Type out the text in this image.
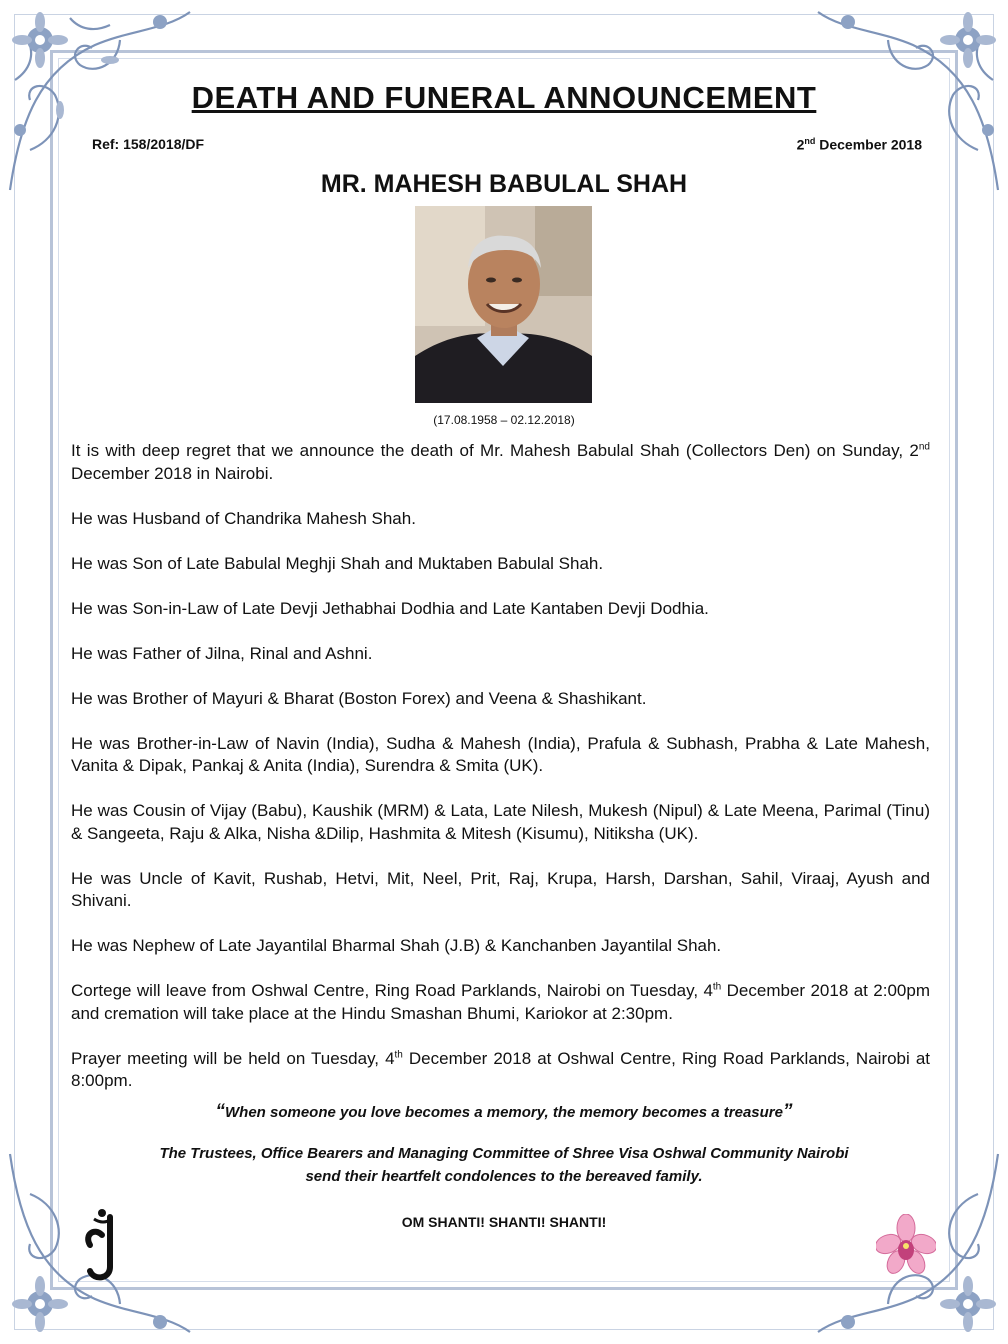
DEATH AND FUNERAL ANNOUNCEMENT
Ref: 158/2018/DF	2nd December 2018
MR. MAHESH BABULAL SHAH
(17.08.1958 – 02.12.2018)

It is with deep regret that we announce the death of Mr. Mahesh Babulal Shah (Collectors Den) on Sunday, 2nd December 2018 in Nairobi.

He was Husband of Chandrika Mahesh Shah.

He was Son of Late Babulal Meghji Shah and Muktaben Babulal Shah.

He was Son-in-Law of Late Devji Jethabhai Dodhia and Late Kantaben Devji Dodhia.

He was Father of Jilna, Rinal and Ashni.

He was Brother of Mayuri & Bharat (Boston Forex) and Veena & Shashikant.

He was Brother-in-Law of Navin (India), Sudha & Mahesh (India), Prafula & Subhash, Prabha & Late Mahesh, Vanita & Dipak, Pankaj & Anita (India), Surendra & Smita (UK).

He was Cousin of Vijay (Babu), Kaushik (MRM) & Lata, Late Nilesh, Mukesh (Nipul) & Late Meena, Parimal (Tinu) & Sangeeta, Raju & Alka, Nisha &Dilip, Hashmita & Mitesh (Kisumu), Nitiksha (UK).

He was Uncle of Kavit, Rushab, Hetvi, Mit, Neel, Prit, Raj, Krupa, Harsh, Darshan, Sahil, Viraaj, Ayush and Shivani.

He was Nephew of Late Jayantilal Bharmal Shah (J.B) & Kanchanben Jayantilal Shah.

Cortege will leave from Oshwal Centre, Ring Road Parklands, Nairobi on Tuesday, 4th December 2018 at 2:00pm and cremation will take place at the Hindu Smashan Bhumi, Kariokor at 2:30pm.

Prayer meeting will be held on Tuesday, 4th December 2018 at Oshwal Centre, Ring Road Parklands, Nairobi at 8:00pm.

“When someone you love becomes a memory, the memory becomes a treasure”
The Trustees, Office Bearers and Managing Committee of Shree Visa Oshwal Community Nairobi
send their heartfelt condolences to the bereaved family.
OM SHANTI! SHANTI! SHANTI!
